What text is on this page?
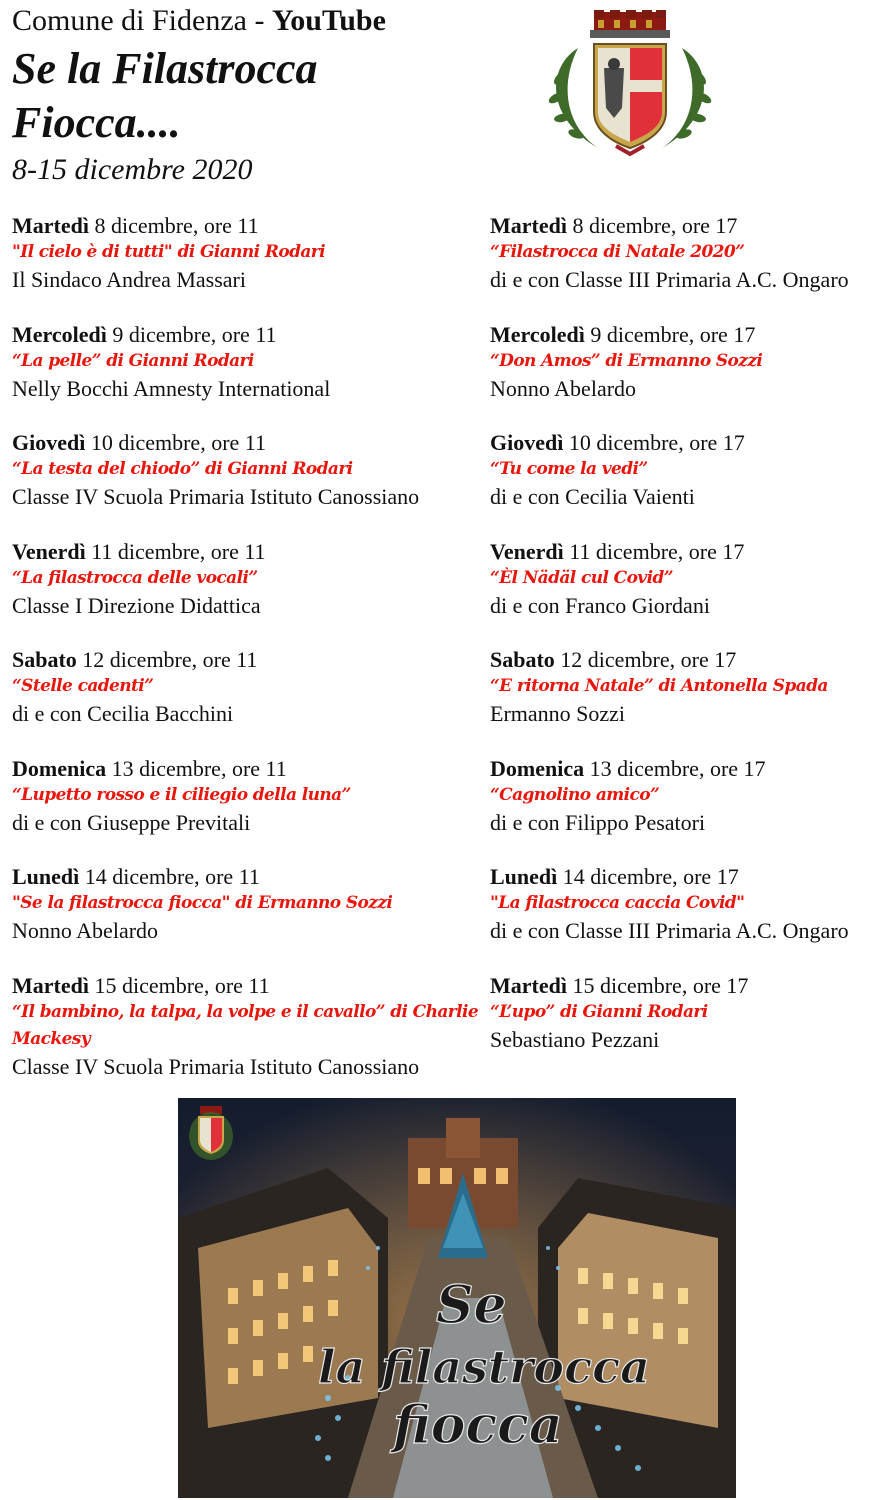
Comune di Fidenza - YouTube
Se la Filastrocca
Fiocca....
8-15 dicembre 2020
Martedì 8 dicembre, ore 11
"Il cielo è di tutti" di Gianni Rodari
Il Sindaco Andrea Massari
Mercoledì 9 dicembre, ore 11
“La pelle” di Gianni Rodari
Nelly Bocchi Amnesty International
Giovedì 10 dicembre, ore 11
“La testa del chiodo” di Gianni Rodari
Classe IV Scuola Primaria Istituto Canossiano
Venerdì 11 dicembre, ore 11
“La filastrocca delle vocali”
Classe I Direzione Didattica
Sabato 12 dicembre, ore 11
“Stelle cadenti”
di e con Cecilia Bacchini
Domenica 13 dicembre, ore 11
“Lupetto rosso e il ciliegio della luna”
di e con Giuseppe Previtali
Lunedì 14 dicembre, ore 11
"Se la filastrocca fiocca" di Ermanno Sozzi
Nonno Abelardo
Martedì 15 dicembre, ore 11
“Il bambino, la talpa, la volpe e il cavallo” di Charlie Mackesy
Classe IV Scuola Primaria Istituto Canossiano
Martedì 8 dicembre, ore 17
“Filastrocca di Natale 2020”
di e con Classe III Primaria A.C. Ongaro
Mercoledì 9 dicembre, ore 17
“Don Amos” di Ermanno Sozzi
Nonno Abelardo
Giovedì 10 dicembre, ore 17
“Tu come la vedi”
di e con Cecilia Vaienti
Venerdì 11 dicembre, ore 17
“Èl Nädäl cul Covid”
di e con Franco Giordani
Sabato 12 dicembre, ore 17
“E ritorna Natale” di Antonella Spada
Ermanno Sozzi
Domenica 13 dicembre, ore 17
“Cagnolino amico”
di e con Filippo Pesatori
Lunedì 14 dicembre, ore 17
"La filastrocca caccia Covid"
di e con Classe III Primaria A.C. Ongaro
Martedì 15 dicembre, ore 17
“L’upo” di Gianni Rodari
Sebastiano Pezzani
Se
la filastrocca
fiocca
